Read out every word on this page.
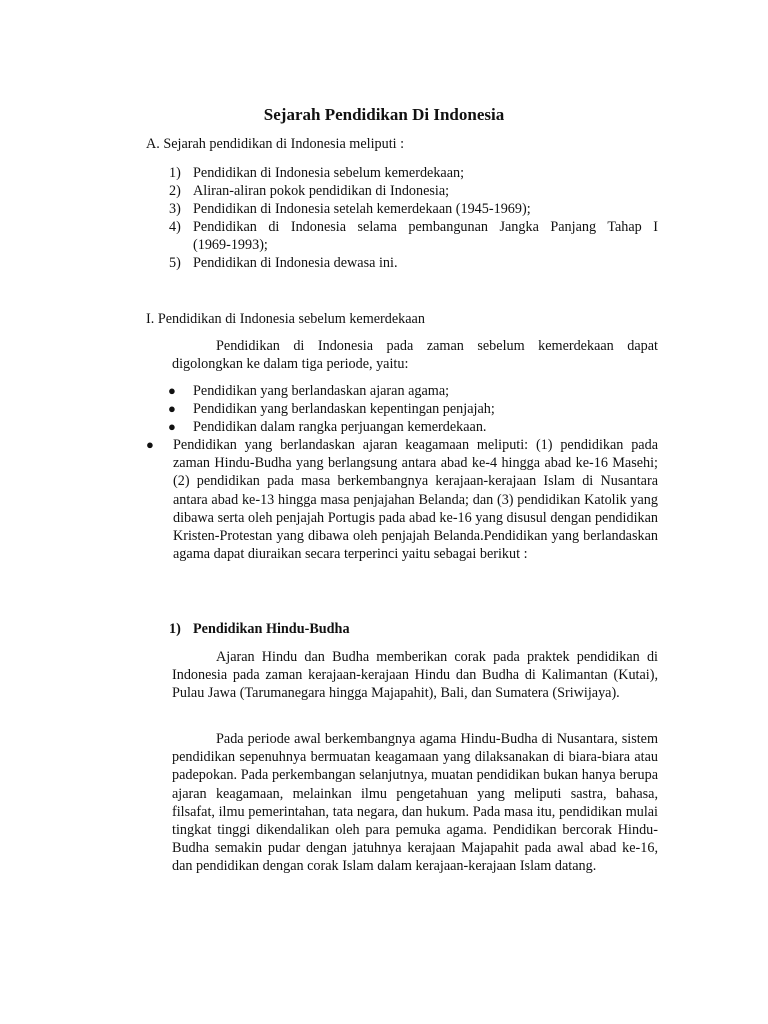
Sejarah Pendidikan Di Indonesia
A. Sejarah pendidikan di Indonesia meliputi :
1) Pendidikan di Indonesia sebelum kemerdekaan;
2) Aliran-aliran pokok pendidikan di Indonesia;
3) Pendidikan di Indonesia setelah kemerdekaan (1945-1969);
4) Pendidikan di Indonesia selama pembangunan Jangka Panjang Tahap I
(1969-1993);
5) Pendidikan di Indonesia dewasa ini.
I. Pendidikan di Indonesia sebelum kemerdekaan
Pendidikan di Indonesia pada zaman sebelum kemerdekaan dapat digolongkan ke dalam tiga periode, yaitu:
● Pendidikan yang berlandaskan ajaran agama;
● Pendidikan yang berlandaskan kepentingan penjajah;
● Pendidikan dalam rangka perjuangan kemerdekaan.
● Pendidikan yang berlandaskan ajaran keagamaan meliputi: (1) pendidikan pada zaman Hindu-Budha yang berlangsung antara abad ke-4 hingga abad ke-16 Masehi; (2) pendidikan pada masa berkembangnya kerajaan-kerajaan Islam di Nusantara antara abad ke-13 hingga masa penjajahan Belanda; dan (3) pendidikan Katolik yang dibawa serta oleh penjajah Portugis pada abad ke-16 yang disusul dengan pendidikan Kristen-Protestan yang dibawa oleh penjajah Belanda.Pendidikan yang berlandaskan agama dapat diuraikan secara terperinci yaitu sebagai berikut :
1) Pendidikan Hindu-Budha
Ajaran Hindu dan Budha memberikan corak pada praktek pendidikan di Indonesia pada zaman kerajaan-kerajaan Hindu dan Budha di Kalimantan (Kutai), Pulau Jawa (Tarumanegara hingga Majapahit), Bali, dan Sumatera (Sriwijaya).
Pada periode awal berkembangnya agama Hindu-Budha di Nusantara, sistem pendidikan sepenuhnya bermuatan keagamaan yang dilaksanakan di biara-biara atau padepokan. Pada perkembangan selanjutnya, muatan pendidikan bukan hanya berupa ajaran keagamaan, melainkan ilmu pengetahuan yang meliputi sastra, bahasa, filsafat, ilmu pemerintahan, tata negara, dan hukum. Pada masa itu, pendidikan mulai tingkat tinggi dikendalikan oleh para pemuka agama. Pendidikan bercorak Hindu-Budha semakin pudar dengan jatuhnya kerajaan Majapahit pada awal abad ke-16, dan pendidikan dengan corak Islam dalam kerajaan-kerajaan Islam datang.
